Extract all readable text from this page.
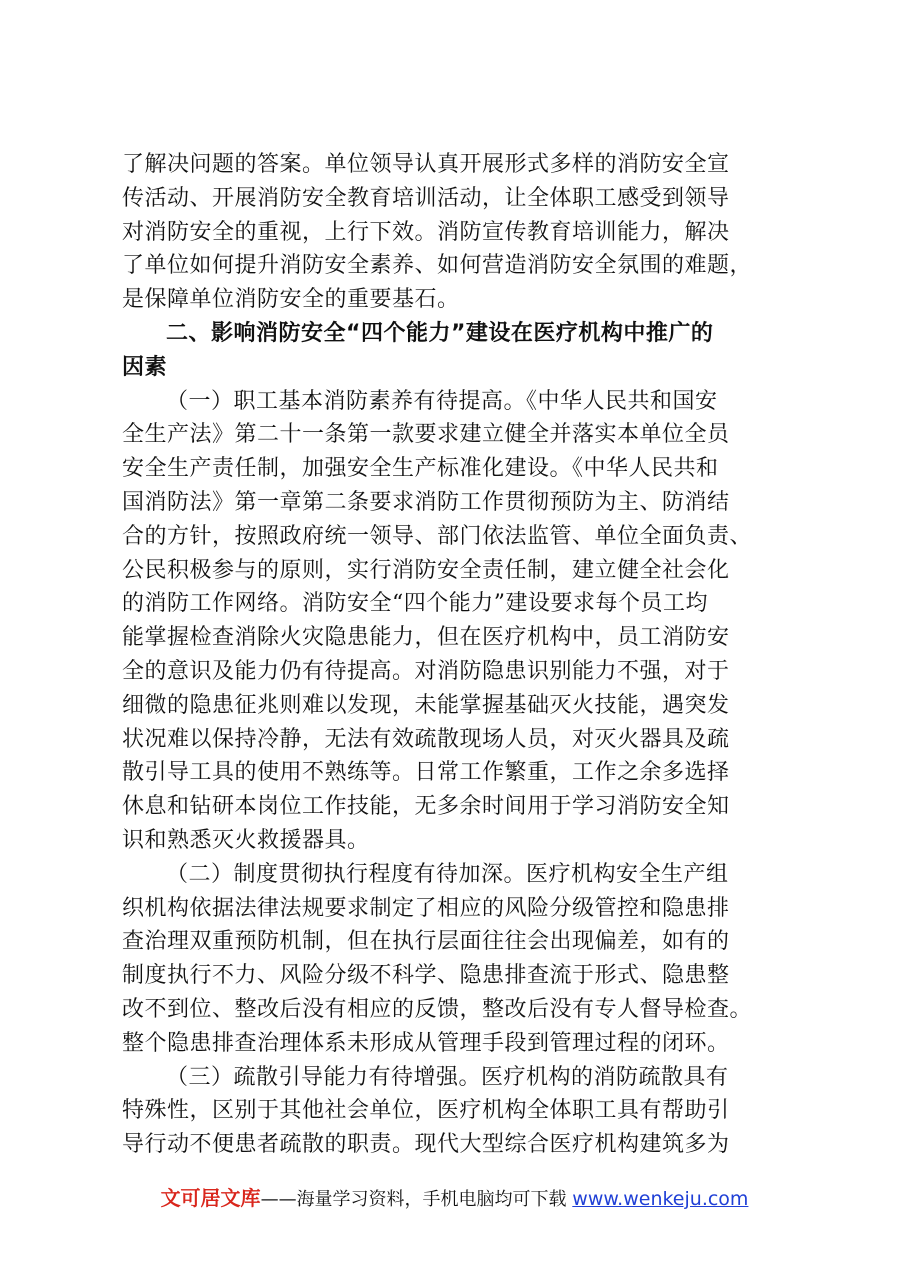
了解决问题的答案。单位领导认真开展形式多样的消防安全宣
传活动、开展消防安全教育培训活动，让全体职工感受到领导
对消防安全的重视，上行下效。消防宣传教育培训能力，解决
了单位如何提升消防安全素养、如何营造消防安全氛围的难题，
是保障单位消防安全的重要基石。
二、影响消防安全“四个能力”建设在医疗机构中推广的
因素
（一）职工基本消防素养有待提高。《中华人民共和国安
全生产法》第二十一条第一款要求建立健全并落实本单位全员
安全生产责任制，加强安全生产标准化建设。《中华人民共和
国消防法》第一章第二条要求消防工作贯彻预防为主、防消结
合的方针，按照政府统一领导、部门依法监管、单位全面负责、
公民积极参与的原则，实行消防安全责任制，建立健全社会化
的消防工作网络。消防安全“四个能力”建设要求每个员工均
能掌握检查消除火灾隐患能力，但在医疗机构中，员工消防安
全的意识及能力仍有待提高。对消防隐患识别能力不强，对于
细微的隐患征兆则难以发现，未能掌握基础灭火技能，遇突发
状况难以保持冷静，无法有效疏散现场人员，对灭火器具及疏
散引导工具的使用不熟练等。日常工作繁重，工作之余多选择
休息和钻研本岗位工作技能，无多余时间用于学习消防安全知
识和熟悉灭火救援器具。
（二）制度贯彻执行程度有待加深。医疗机构安全生产组
织机构依据法律法规要求制定了相应的风险分级管控和隐患排
查治理双重预防机制，但在执行层面往往会出现偏差，如有的
制度执行不力、风险分级不科学、隐患排查流于形式、隐患整
改不到位、整改后没有相应的反馈，整改后没有专人督导检查。
整个隐患排查治理体系未形成从管理手段到管理过程的闭环。
（三）疏散引导能力有待增强。医疗机构的消防疏散具有
特殊性，区别于其他社会单位，医疗机构全体职工具有帮助引
导行动不便患者疏散的职责。现代大型综合医疗机构建筑多为
文可居文库——海量学习资料，手机电脑均可下载 www.wenkeju.com
